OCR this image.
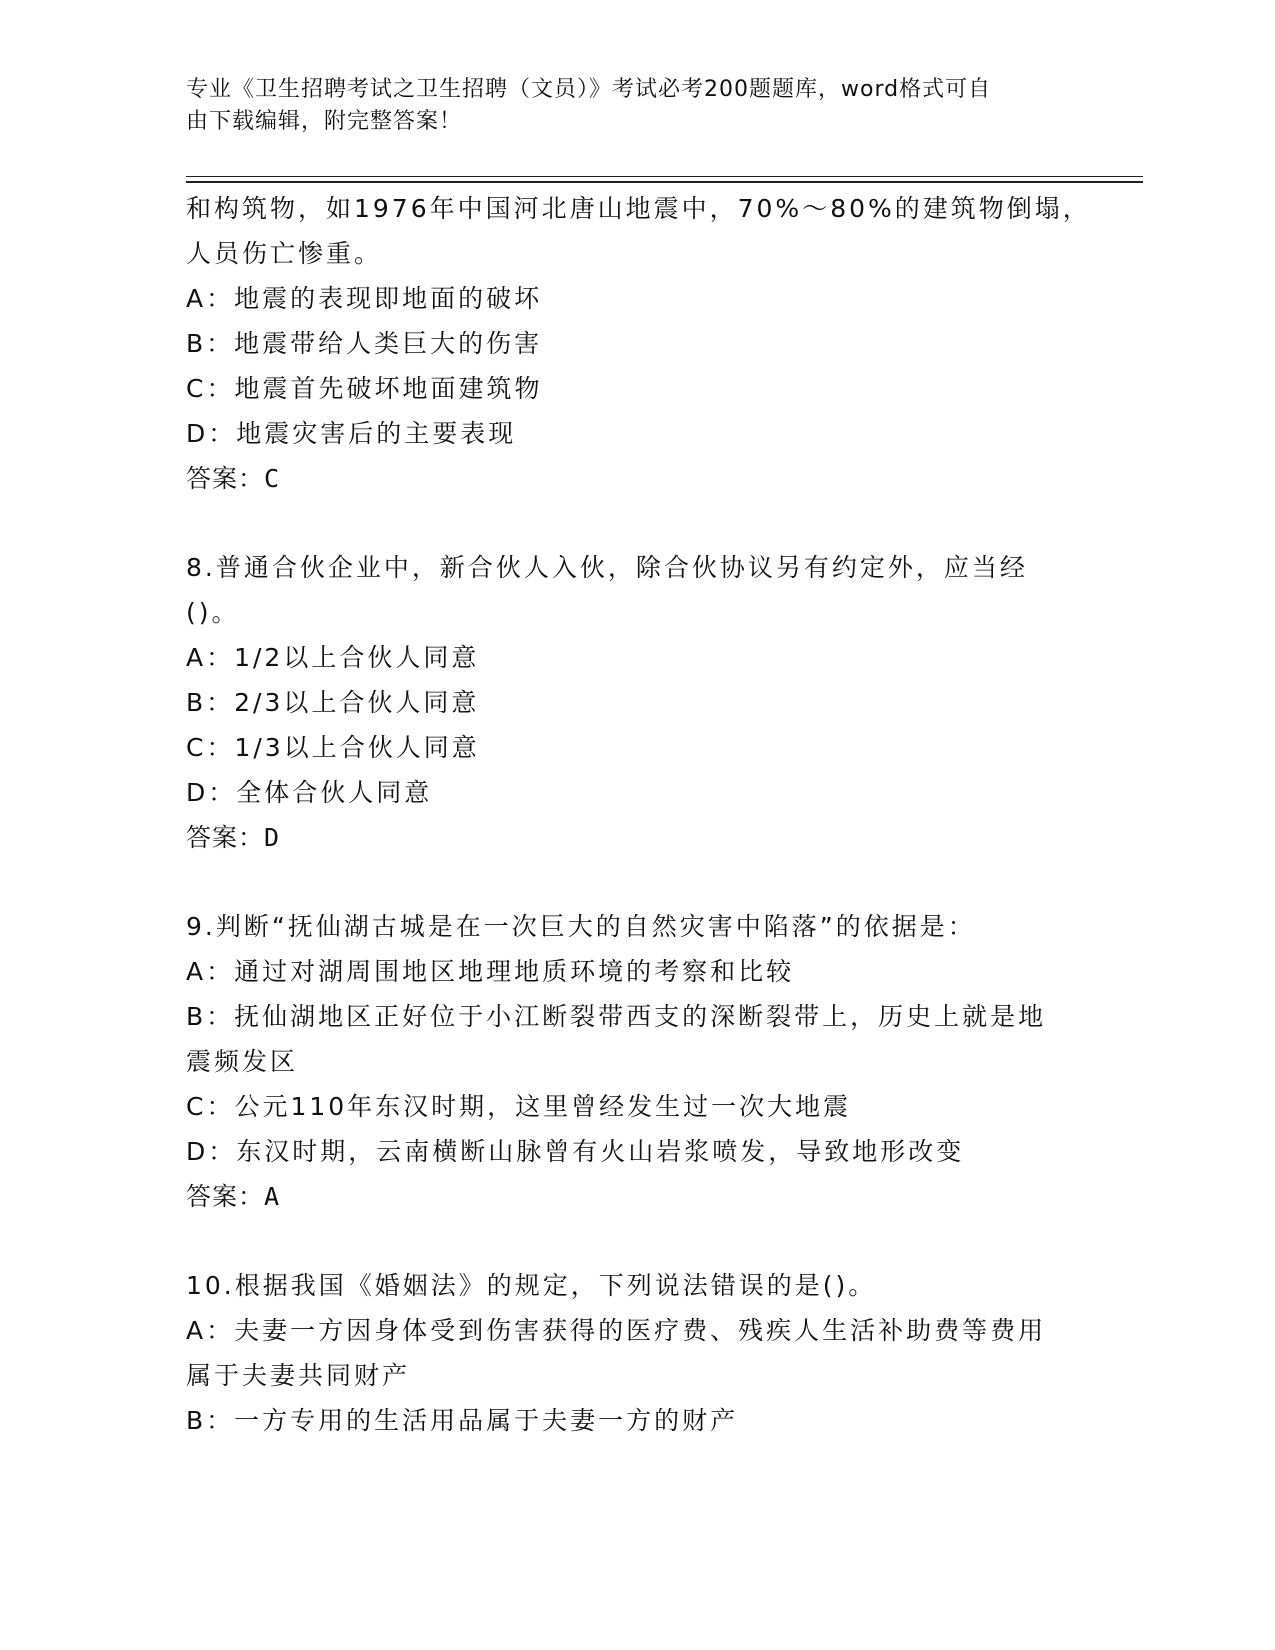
专业《卫生招聘考试之卫生招聘（文员）》考试必考200题题库，word格式可自
由下载编辑，附完整答案！
和构筑物，如1976年中国河北唐山地震中，70%～80%的建筑物倒塌，
人员伤亡惨重。
A：地震的表现即地面的破坏
B：地震带给人类巨大的伤害
C：地震首先破坏地面建筑物
D：地震灾害后的主要表现
答案：C
8.普通合伙企业中，新合伙人入伙，除合伙协议另有约定外，应当经
()。
A：1/2以上合伙人同意
B：2/3以上合伙人同意
C：1/3以上合伙人同意
D：全体合伙人同意
答案：D
9.判断“抚仙湖古城是在一次巨大的自然灾害中陷落”的依据是：
A：通过对湖周围地区地理地质环境的考察和比较
B：抚仙湖地区正好位于小江断裂带西支的深断裂带上，历史上就是地
震频发区
C：公元110年东汉时期，这里曾经发生过一次大地震
D：东汉时期，云南横断山脉曾有火山岩浆喷发，导致地形改变
答案：A
10.根据我国《婚姻法》的规定，下列说法错误的是()。
A：夫妻一方因身体受到伤害获得的医疗费、残疾人生活补助费等费用
属于夫妻共同财产
B：一方专用的生活用品属于夫妻一方的财产
